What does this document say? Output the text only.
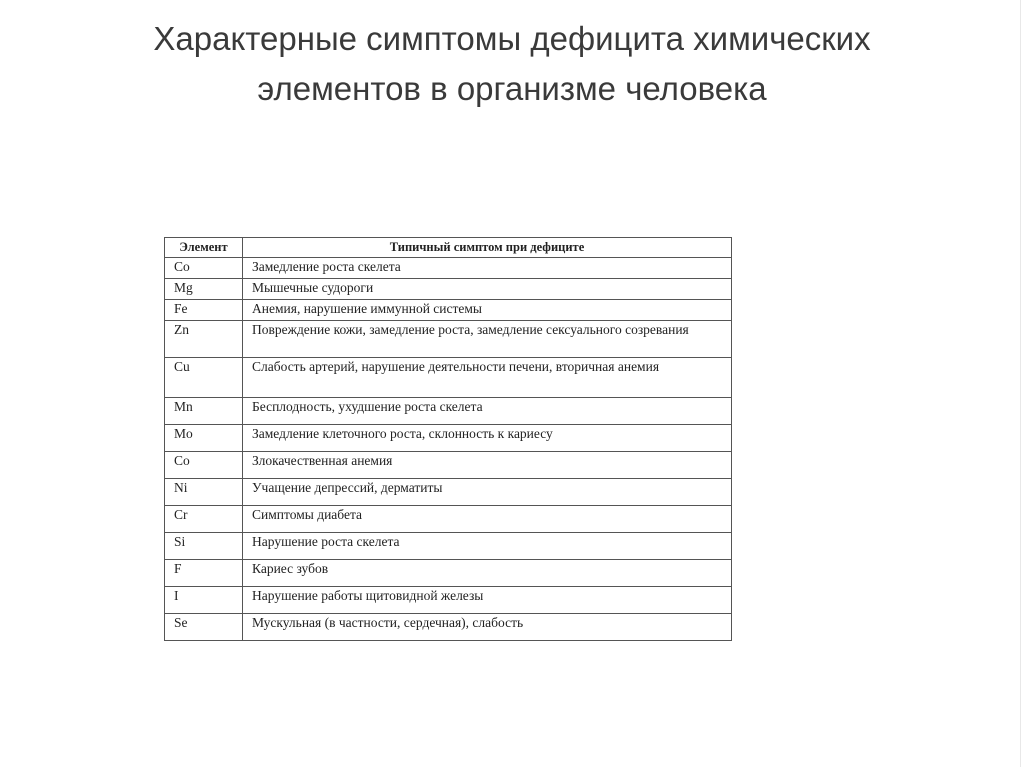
Характерные симптомы дефицита химических
элементов в организме человека
Элемент	Типичный симптом при дефиците
Co	Замедление роста скелета
Mg	Мышечные судороги
Fe	Анемия, нарушение иммунной системы
Zn	Повреждение кожи, замедление роста, замедление сексуального созревания
Cu	Слабость артерий, нарушение деятельности печени, вторичная анемия
Mn	Бесплодность, ухудшение роста скелета
Mo	Замедление клеточного роста, склонность к кариесу
Co	Злокачественная анемия
Ni	Учащение депрессий, дерматиты
Cr	Симптомы диабета
Si	Нарушение роста скелета
F	Кариес зубов
I	Нарушение работы щитовидной железы
Se	Мускульная (в частности, сердечная), слабость
